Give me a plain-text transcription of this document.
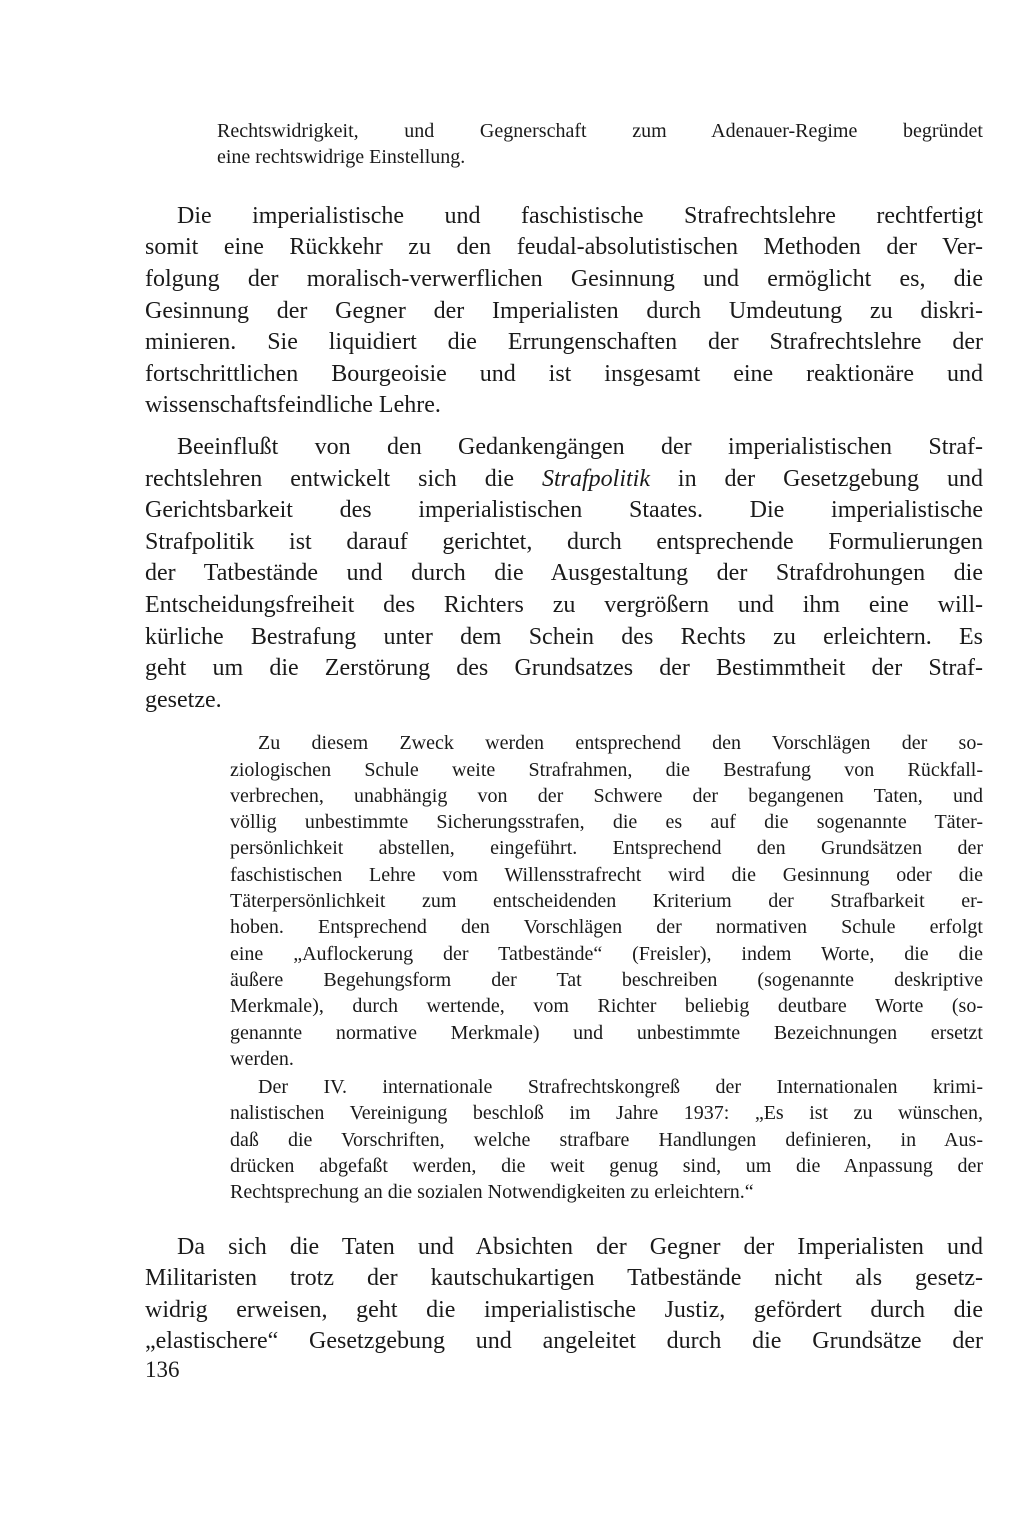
Rechtswidrigkeit, und Gegnerschaft zum Adenauer-Regime begründet
eine rechtswidrige Einstellung.
Die imperialistische und faschistische Strafrechtslehre rechtfertigt
somit eine Rückkehr zu den feudal-absolutistischen Methoden der Ver-
folgung der moralisch-verwerflichen Gesinnung und ermöglicht es, die
Gesinnung der Gegner der Imperialisten durch Umdeutung zu diskri-
minieren. Sie liquidiert die Errungenschaften der Strafrechtslehre der
fortschrittlichen Bourgeoisie und ist insgesamt eine reaktionäre und
wissenschaftsfeindliche Lehre.
Beeinflußt von den Gedankengängen der imperialistischen Straf-
rechtslehren entwickelt sich die Strafpolitik in der Gesetzgebung und
Gerichtsbarkeit des imperialistischen Staates. Die imperialistische
Strafpolitik ist darauf gerichtet, durch entsprechende Formulierungen
der Tatbestände und durch die Ausgestaltung der Strafdrohungen die
Entscheidungsfreiheit des Richters zu vergrößern und ihm eine will-
kürliche Bestrafung unter dem Schein des Rechts zu erleichtern. Es
geht um die Zerstörung des Grundsatzes der Bestimmtheit der Straf-
gesetze.
Zu diesem Zweck werden entsprechend den Vorschlägen der so-
ziologischen Schule weite Strafrahmen, die Bestrafung von Rückfall-
verbrechen, unabhängig von der Schwere der begangenen Taten, und
völlig unbestimmte Sicherungsstrafen, die es auf die sogenannte Täter-
persönlichkeit abstellen, eingeführt. Entsprechend den Grundsätzen der
faschistischen Lehre vom Willensstrafrecht wird die Gesinnung oder die
Täterpersönlichkeit zum entscheidenden Kriterium der Strafbarkeit er-
hoben. Entsprechend den Vorschlägen der normativen Schule erfolgt
eine „Auflockerung der Tatbestände“ (Freisler), indem Worte, die die
äußere Begehungsform der Tat beschreiben (sogenannte deskriptive
Merkmale), durch wertende, vom Richter beliebig deutbare Worte (so-
genannte normative Merkmale) und unbestimmte Bezeichnungen ersetzt
werden.
Der IV. internationale Strafrechtskongreß der Internationalen krimi-
nalistischen Vereinigung beschloß im Jahre 1937: „Es ist zu wünschen,
daß die Vorschriften, welche strafbare Handlungen definieren, in Aus-
drücken abgefaßt werden, die weit genug sind, um die Anpassung der
Rechtsprechung an die sozialen Notwendigkeiten zu erleichtern.“
Da sich die Taten und Absichten der Gegner der Imperialisten und
Militaristen trotz der kautschukartigen Tatbestände nicht als gesetz-
widrig erweisen, geht die imperialistische Justiz, gefördert durch die
„elastischere“ Gesetzgebung und angeleitet durch die Grundsätze der
136
